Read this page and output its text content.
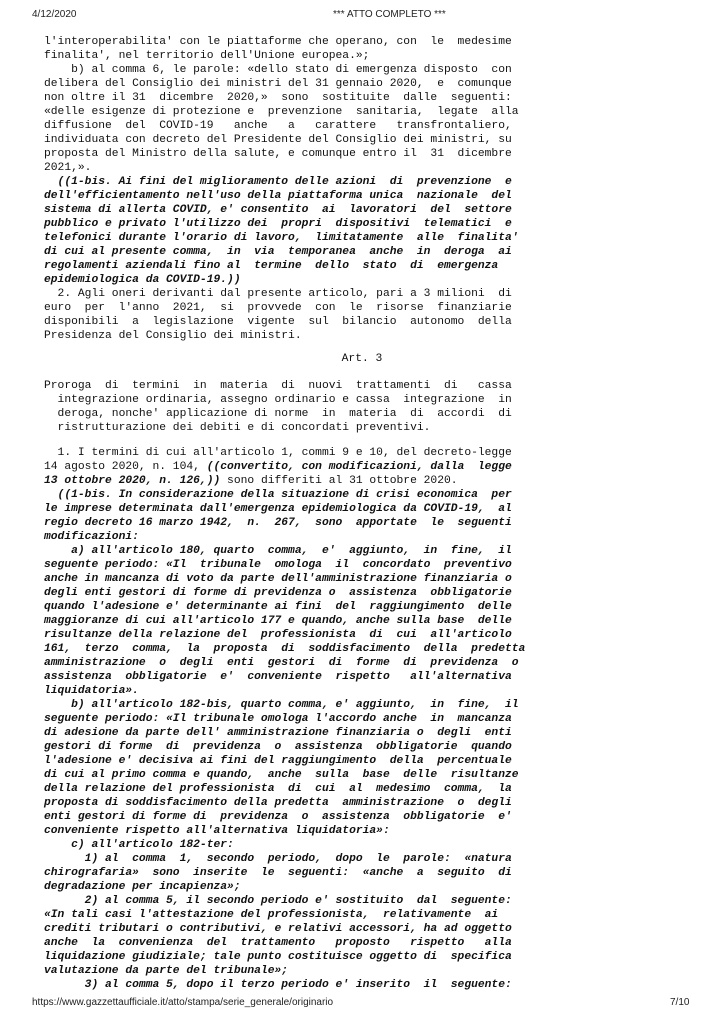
4/12/2020	*** ATTO COMPLETO ***
l'interoperabilita' con le piattaforme che operano, con  le  medesime
finalita', nel territorio dell'Unione europea.»;
b) al comma 6, le parole: «dello stato di emergenza disposto  con
delibera del Consiglio dei ministri del 31 gennaio 2020,  e  comunque
non oltre il 31  dicembre  2020,»  sono  sostituite  dalle  seguenti:
«delle esigenze di protezione e  prevenzione  sanitaria,  legate  alla
diffusione  del  COVID-19   anche   a   carattere   transfrontaliero,
individuata con decreto del Presidente del Consiglio dei ministri, su
proposta del Ministro della salute, e comunque entro il  31  dicembre
2021,».
((1-bis. Ai fini del miglioramento delle azioni  di  prevenzione  e
dell'efficientamento nell'uso della piattaforma unica  nazionale  del
sistema di allerta COVID, e' consentito  ai  lavoratori  del  settore
pubblico e privato l'utilizzo dei  propri  dispositivi  telematici  e
telefonici durante l'orario di lavoro,  limitatamente  alle  finalita'
di cui al presente comma,  in  via  temporanea  anche  in  deroga  ai
regolamenti aziendali fino al  termine  dello  stato  di  emergenza
epidemiologica da COVID-19.))
2. Agli oneri derivanti dal presente articolo, pari a 3 milioni  di
euro  per  l'anno  2021,  si  provvede  con  le  risorse  finanziarie
disponibili  a  legislazione  vigente  sul  bilancio  autonomo  della
Presidenza del Consiglio dei ministri.
Art. 3
Proroga  di  termini  in  materia  di  nuovi  trattamenti  di   cassa
integrazione ordinaria, assegno ordinario e cassa  integrazione  in
deroga, nonche' applicazione di norme  in  materia  di  accordi  di
ristrutturazione dei debiti e di concordati preventivi.
1. I termini di cui all'articolo 1, commi 9 e 10, del decreto-legge
14 agosto 2020, n. 104, ((convertito, con modificazioni, dalla  legge
13 ottobre 2020, n. 126,)) sono differiti al 31 ottobre 2020.
((1-bis. In considerazione della situazione di crisi economica  per
le imprese determinata dall'emergenza epidemiologica da COVID-19,  al
regio decreto 16 marzo 1942,  n.  267,  sono  apportate  le  seguenti
modificazioni:
a) all'articolo 180, quarto  comma,  e'  aggiunto,  in  fine,  il
seguente periodo: «Il  tribunale  omologa  il  concordato  preventivo
anche in mancanza di voto da parte dell'amministrazione finanziaria o
degli enti gestori di forme di previdenza o  assistenza  obbligatorie
quando l'adesione e' determinante ai fini  del  raggiungimento  delle
maggioranze di cui all'articolo 177 e quando, anche sulla base  delle
risultanze della relazione del  professionista  di  cui  all'articolo
161,  terzo  comma,  la  proposta  di  soddisfacimento  della  predetta
amministrazione  o  degli  enti  gestori  di  forme  di  previdenza  o
assistenza  obbligatorie  e'  conveniente  rispetto   all'alternativa
liquidatoria».
b) all'articolo 182-bis, quarto comma, e' aggiunto,  in  fine,  il
seguente periodo: «Il tribunale omologa l'accordo anche  in  mancanza
di adesione da parte dell' amministrazione finanziaria o  degli  enti
gestori di forme  di  previdenza  o  assistenza  obbligatorie  quando
l'adesione e' decisiva ai fini del raggiungimento  della  percentuale
di cui al primo comma e quando,  anche  sulla  base  delle  risultanze
della relazione del professionista  di  cui  al  medesimo  comma,  la
proposta di soddisfacimento della predetta  amministrazione  o  degli
enti gestori di forme di  previdenza  o  assistenza  obbligatorie  e'
conveniente rispetto all'alternativa liquidatoria»:
c) all'articolo 182-ter:
1) al  comma  1,  secondo  periodo,  dopo  le  parole:  «natura
chirografaria»  sono  inserite  le  seguenti:  «anche  a  seguito  di
degradazione per incapienza»;
2) al comma 5, il secondo periodo e' sostituito  dal  seguente:
«In tali casi l'attestazione del professionista,  relativamente  ai
crediti tributari o contributivi, e relativi accessori, ha ad oggetto
anche  la  convenienza  del  trattamento   proposto   rispetto   alla
liquidazione giudiziale; tale punto costituisce oggetto di  specifica
valutazione da parte del tribunale»;
3) al comma 5, dopo il terzo periodo e' inserito  il  seguente:
https://www.gazzettaufficiale.it/atto/stampa/serie_generale/originario	7/10
